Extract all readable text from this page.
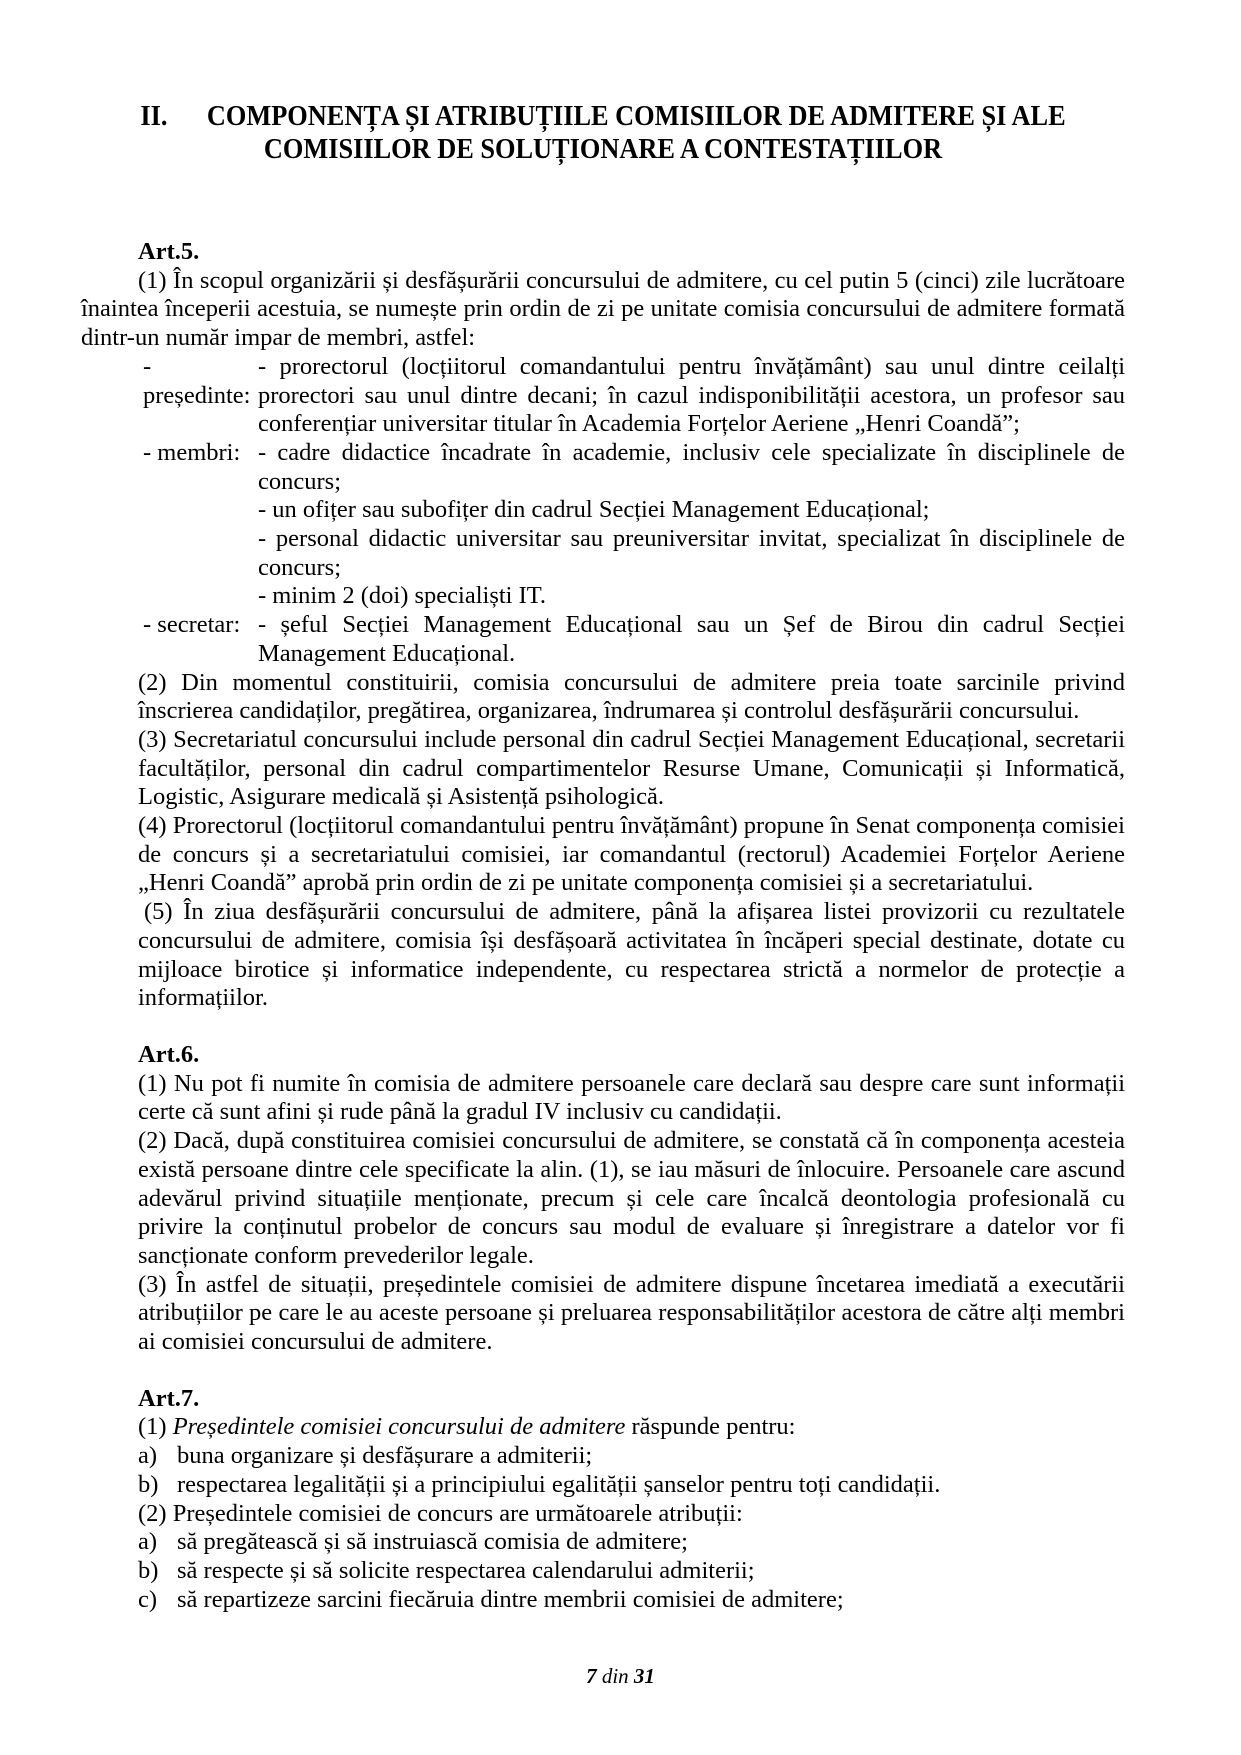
II. COMPONENȚA ȘI ATRIBUȚIILE COMISIILOR DE ADMITERE ȘI ALE
COMISIILOR DE SOLUȚIONARE A CONTESTAȚIILOR
Art.5.
(1) În scopul organizării și desfășurării concursului de admitere, cu cel putin 5 (cinci) zile lucrătoare înaintea începerii acestuia, se numește prin ordin de zi pe unitate comisia concursului de admitere formată dintr-un număr impar de membri, astfel:
- președinte:
- prorectorul (locțiitorul comandantului pentru învățământ) sau unul dintre ceilalți prorectori sau unul dintre decani; în cazul indisponibilității acestora, un profesor sau conferențiar universitar titular în Academia Forțelor Aeriene „Henri Coandă”;
- membri: - cadre didactice încadrate în academie, inclusiv cele specializate în disciplinele de concurs;
- un ofițer sau subofițer din cadrul Secției Management Educațional;
- personal didactic universitar sau preuniversitar invitat, specializat în disciplinele de concurs;
- minim 2 (doi) specialiști IT.
- secretar: - șeful Secției Management Educațional sau un Șef de Birou din cadrul Secției Management Educațional.
(2) Din momentul constituirii, comisia concursului de admitere preia toate sarcinile privind înscrierea candidaților, pregătirea, organizarea, îndrumarea și controlul desfășurării concursului.
(3) Secretariatul concursului include personal din cadrul Secției Management Educațional, secretarii facultăților, personal din cadrul compartimentelor Resurse Umane, Comunicații și Informatică, Logistic, Asigurare medicală și Asistență psihologică.
(4) Prorectorul (locțiitorul comandantului pentru învățământ) propune în Senat componența comisiei de concurs și a secretariatului comisiei, iar comandantul (rectorul) Academiei Forțelor Aeriene „Henri Coandă” aprobă prin ordin de zi pe unitate componența comisiei și a secretariatului.
(5) În ziua desfășurării concursului de admitere, până la afișarea listei provizorii cu rezultatele concursului de admitere, comisia își desfășoară activitatea în încăperi special destinate, dotate cu mijloace birotice și informatice independente, cu respectarea strictă a normelor de protecție a informațiilor.
Art.6.
(1) Nu pot fi numite în comisia de admitere persoanele care declară sau despre care sunt informații certe că sunt afini și rude până la gradul IV inclusiv cu candidații.
(2) Dacă, după constituirea comisiei concursului de admitere, se constată că în componența acesteia există persoane dintre cele specificate la alin. (1), se iau măsuri de înlocuire. Persoanele care ascund adevărul privind situațiile menționate, precum și cele care încalcă deontologia profesională cu privire la conținutul probelor de concurs sau modul de evaluare și înregistrare a datelor vor fi sancționate conform prevederilor legale.
(3) În astfel de situații, președintele comisiei de admitere dispune încetarea imediată a executării atribuțiilor pe care le au aceste persoane și preluarea responsabilităților acestora de către alți membri ai comisiei concursului de admitere.
Art.7.
(1) Președintele comisiei concursului de admitere răspunde pentru:
a) buna organizare și desfășurare a admiterii;
b) respectarea legalității și a principiului egalității șanselor pentru toți candidații.
(2) Președintele comisiei de concurs are următoarele atribuții:
a) să pregătească și să instruiască comisia de admitere;
b) să respecte și să solicite respectarea calendarului admiterii;
c) să repartizeze sarcini fiecăruia dintre membrii comisiei de admitere;
7 din 31
